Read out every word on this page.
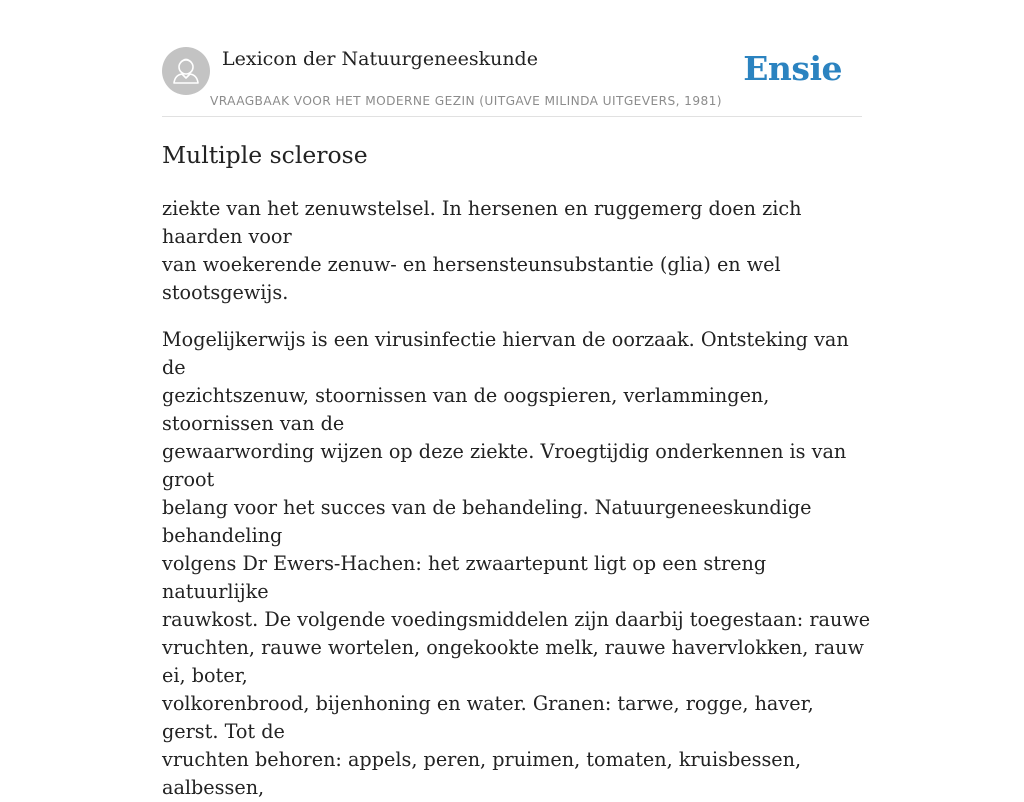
Lexicon der Natuurgeneeskunde
VRAAGBAAK VOOR HET MODERNE GEZIN (UITGAVE MILINDA UITGEVERS, 1981)
Ensie
Multiple sclerose

ziekte van het zenuwstelsel. In hersenen en ruggemerg doen zich haarden voor
van woekerende zenuw- en hersensteunsubstantie (glia) en wel stootsgewijs.

Mogelijkerwijs is een virusinfectie hiervan de oorzaak. Ontsteking van de
gezichtszenuw, stoornissen van de oogspieren, verlammingen, stoornissen van de
gewaarwording wijzen op deze ziekte. Vroegtijdig onderkennen is van groot
belang voor het succes van de behandeling. Natuurgeneeskundige behandeling
volgens Dr Ewers-Hachen: het zwaartepunt ligt op een streng natuurlijke
rauwkost. De volgende voedingsmiddelen zijn daarbij toegestaan: rauwe
vruchten, rauwe wortelen, ongekookte melk, rauwe havervlokken, rauw ei, boter,
volkorenbrood, bijenhoning en water. Granen: tarwe, rogge, haver, gerst. Tot de
vruchten behoren: appels, peren, pruimen, tomaten, kruisbessen, aalbessen,
